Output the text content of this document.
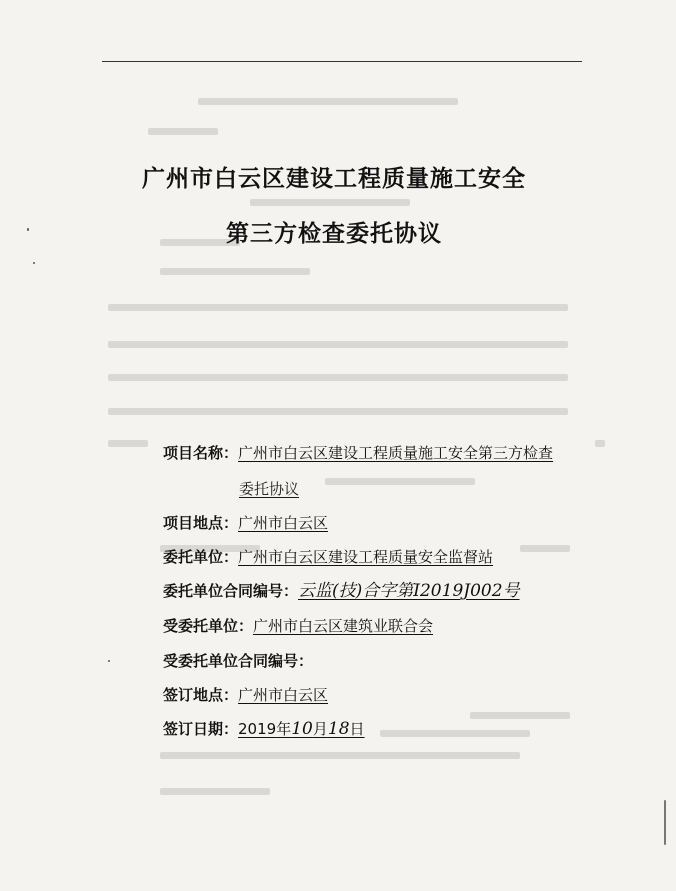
广州市白云区建设工程质量施工安全
第三方检查委托协议
项目名称：广州市白云区建设工程质量施工安全第三方检查
委托协议
项目地点：广州市白云区
委托单位：广州市白云区建设工程质量安全监督站
委托单位合同编号：云监(技)合字第I2019J002号
受委托单位：广州市白云区建筑业联合会
受委托单位合同编号：
签订地点：广州市白云区
签订日期：2019年10月18日
